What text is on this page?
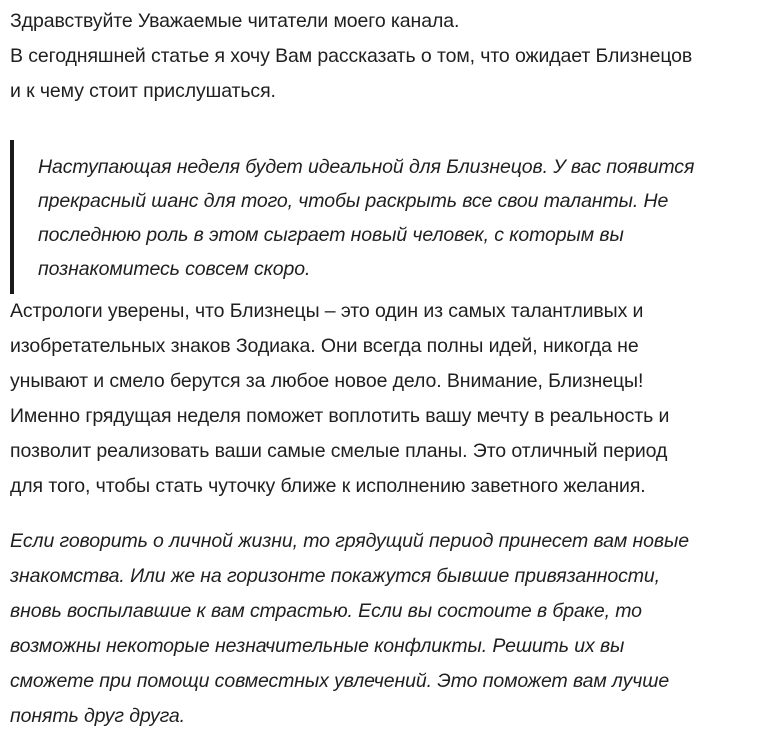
Здравствуйте Уважаемые читатели моего канала.
В сегодняшней статье я хочу Вам рассказать о том, что ожидает Близнецов
и к чему стоит прислушаться.
Наступающая неделя будет идеальной для Близнецов. У вас появится
прекрасный шанс для того, чтобы раскрыть все свои таланты. Не
последнюю роль в этом сыграет новый человек, с которым вы
познакомитесь совсем скоро.
Астрологи уверены, что Близнецы – это один из самых талантливых и
изобретательных знаков Зодиака. Они всегда полны идей, никогда не
унывают и смело берутся за любое новое дело. Внимание, Близнецы!
Именно грядущая неделя поможет воплотить вашу мечту в реальность и
позволит реализовать ваши самые смелые планы. Это отличный период
для того, чтобы стать чуточку ближе к исполнению заветного желания.
Если говорить о личной жизни, то грядущий период принесет вам новые
знакомства. Или же на горизонте покажутся бывшие привязанности,
вновь воспылавшие к вам страстью. Если вы состоите в браке, то
возможны некоторые незначительные конфликты. Решить их вы
сможете при помощи совместных увлечений. Это поможет вам лучше
понять друг друга.
